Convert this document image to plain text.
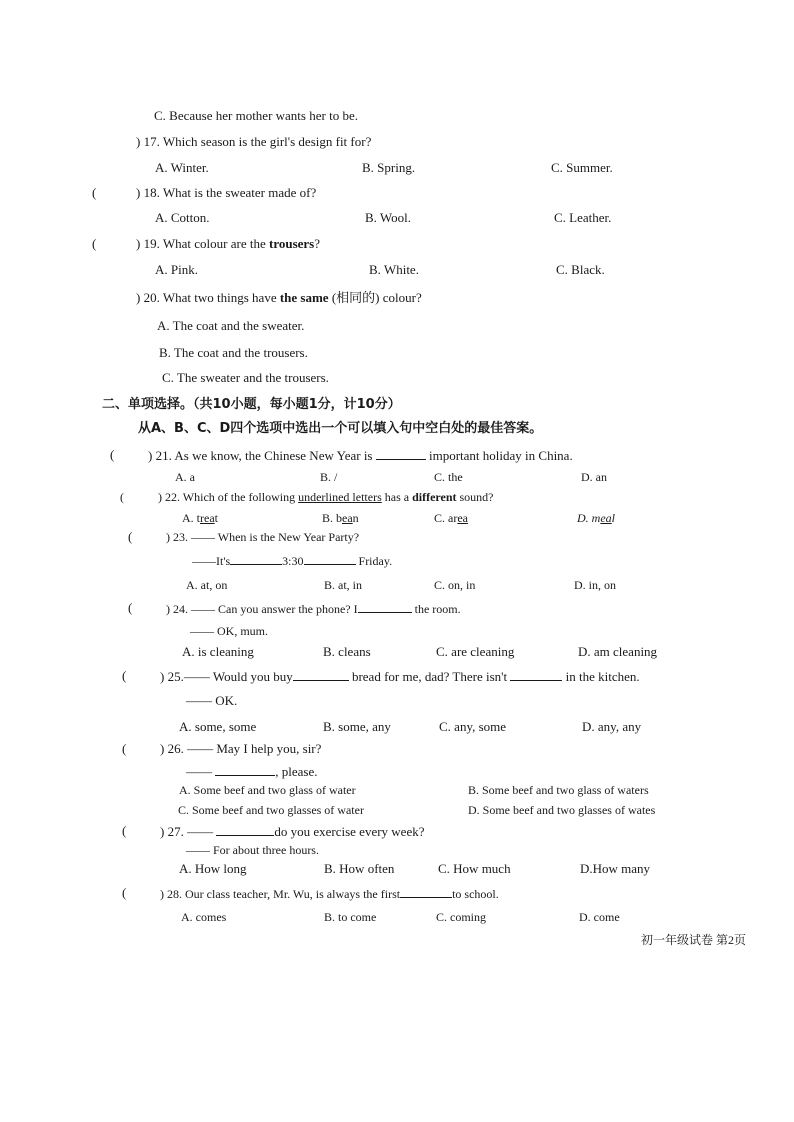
C. Because her mother wants her to be.
) 17. Which season is the girl's design fit for?
A. Winter.	B. Spring.	C. Summer.
(	) 18. What is the sweater made of?
A. Cotton.	B. Wool.	C. Leather.
(	) 19. What colour are the trousers?
A. Pink.	B. White.	C. Black.
) 20. What two things have the same (相同的) colour?
A. The coat and the sweater.
B. The coat and the trousers.
C. The sweater and the trousers.
二、单项选择。（共10小题，每小题1分，计10分）
从A、B、C、D四个选项中选出一个可以填入句中空白处的最佳答案。
(	) 21. As we know, the Chinese New Year is	important holiday in China.
A. a	B. /	C. the	D. an
(	) 22. Which of the following underlined letters has a different sound?
A. treat	B. bean	C. area	D. meal
(	) 23. —— When is the New Year Party?
——It's	3:30	Friday.
A. at, on	B. at, in	C. on, in	D. in, on
(	) 24. —— Can you answer the phone? I	the room.
—— OK, mum.
A. is cleaning	B. cleans	C. are cleaning	D. am cleaning
(	) 25.—— Would you buy	bread for me, dad? There isn't	in the kitchen.
—— OK.
A. some, some	B. some, any	C. any, some	D. any, any
(	) 26. —— May I help you, sir?
——	, please.
A. Some beef and two glass of water	B. Some beef and two glass of waters
C. Some beef and two glasses of water	D. Some beef and two glasses of wates
(	) 27. ——	do you exercise every week?
—— For about three hours.
A. How long	B. How often	C. How much	D.How many
(	) 28. Our class teacher, Mr. Wu, is always the first	to school.
A. comes	B. to come	C. coming	D. come
初一年级试卷 第2页
